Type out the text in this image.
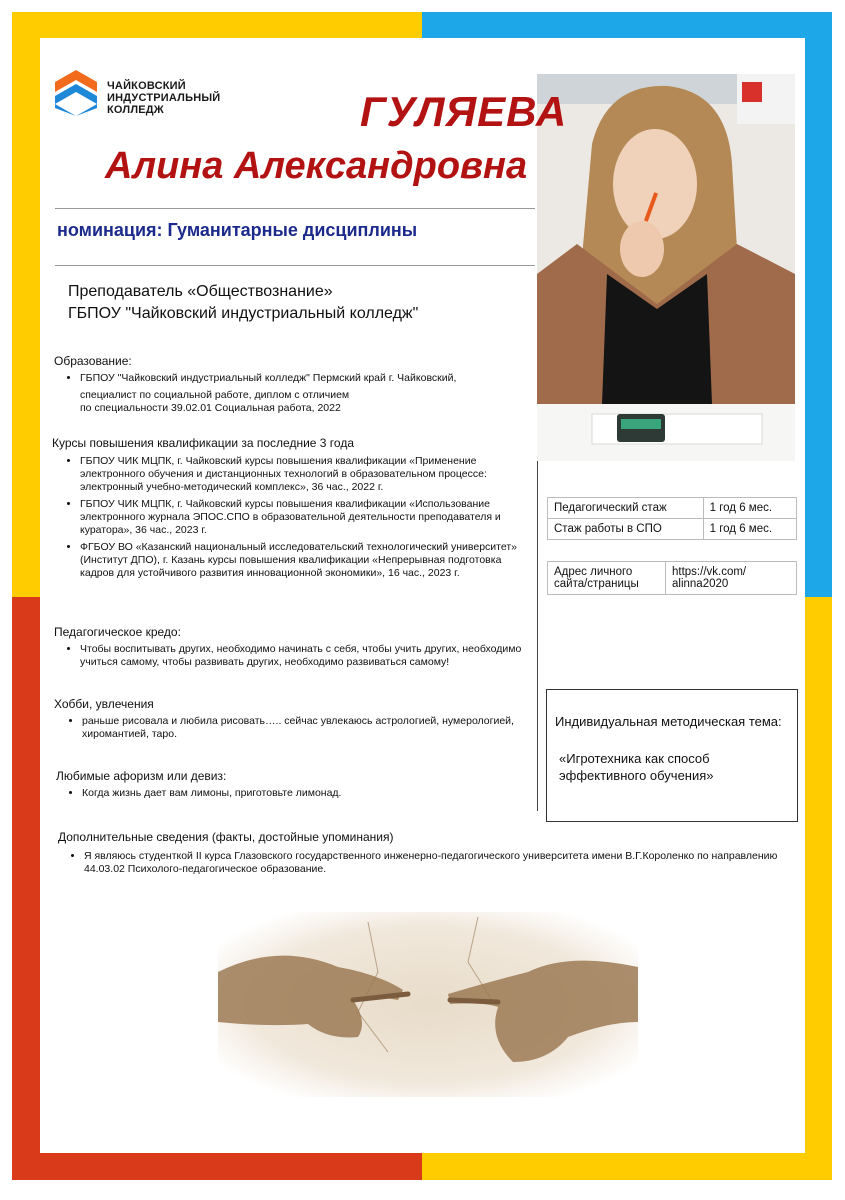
ЧАЙКОВСКИЙ
ИНДУСТРИАЛЬНЫЙ
КОЛЛЕДЖ	ГУЛЯЕВА
Алина Александровна
номинация: Гуманитарные дисциплины
Преподаватель «Обществознание»
ГБПОУ "Чайковский индустриальный колледж"
Образование:
• ГБПОУ "Чайковский индустриальный колледж" Пермский край г. Чайковский,
специалист по социальной работе, диплом с отличием
по специальности 39.02.01 Социальная работа, 2022
Курсы повышения квалификации за последние 3 года
• ГБПОУ ЧИК МЦПК, г. Чайковский курсы повышения квалификации «Применение электронного обучения и дистанционных технологий в образовательном процессе: электронный учебно-методический комплекс», 36 час., 2022 г.
• ГБПОУ ЧИК МЦПК, г. Чайковский курсы повышения квалификации «Использование электронного журнала ЭПОС.СПО в образовательной деятельности преподавателя и куратора», 36 час., 2023 г.
• ФГБОУ ВО «Казанский национальный исследовательский технологический университет» (Институт ДПО), г. Казань курсы повышения квалификации «Непрерывная подготовка кадров для устойчивого развития инновационной экономики», 16 час., 2023 г.
Педагогическое кредо:
• Чтобы воспитывать других, необходимо начинать с себя, чтобы учить других, необходимо учиться самому, чтобы развивать других, необходимо развиваться самому!
Хобби, увлечения
• раньше рисовала и любила рисовать….. сейчас увлекаюсь астрологией, нумерологией, хиромантией, таро.
Любимые афоризм или девиз:
• Когда жизнь дает вам лимоны, приготовьте лимонад.
Дополнительные сведения (факты, достойные упоминания)
• Я являюсь студенткой II курса Глазовского государственного инженерно-педагогического университета имени В.Г.Короленко по направлению 44.03.02 Психолого-педагогическое образование.
Педагогический стаж	1 год 6 мес.
Стаж работы в СПО	1 год 6 мес.
Адрес личного сайта/страницы	https://vk.com/ alinna2020
Индивидуальная методическая тема:
«Игротехника как способ эффективного обучения»
